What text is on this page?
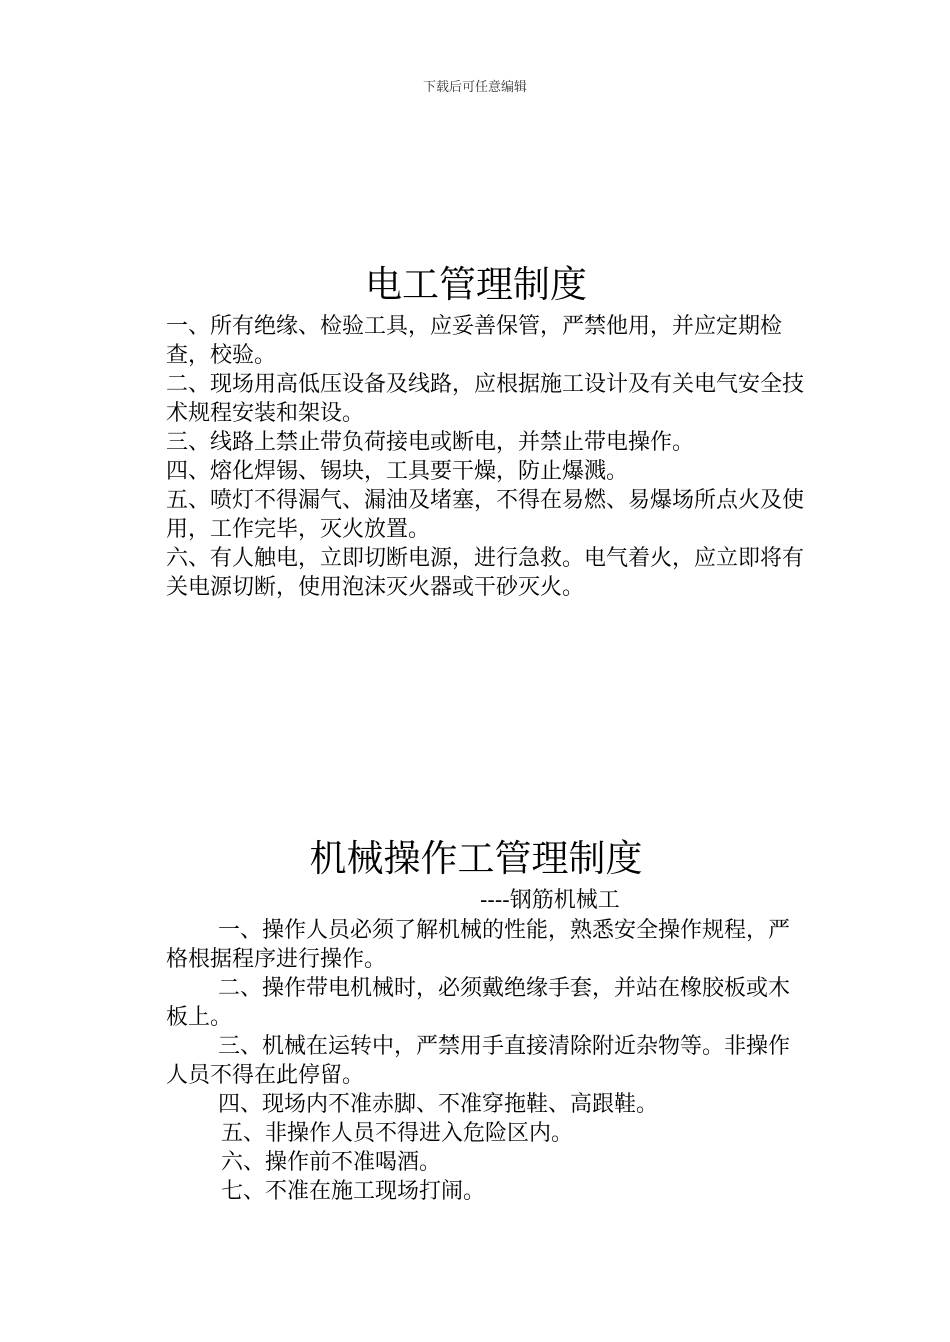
下载后可任意编辑
电工管理制度

一、所有绝缘、检验工具，应妥善保管，严禁他用，并应定期检查，校验。

二、现场用高低压设备及线路，应根据施工设计及有关电气安全技术规程安装和架设。

三、线路上禁止带负荷接电或断电，并禁止带电操作。

四、熔化焊锡、锡块，工具要干燥，防止爆溅。

五、喷灯不得漏气、漏油及堵塞，不得在易燃、易爆场所点火及使用，工作完毕，灭火放置。

六、有人触电，立即切断电源，进行急救。电气着火，应立即将有关电源切断，使用泡沫灭火器或干砂灭火。

机械操作工管理制度

----钢筋机械工

一、操作人员必须了解机械的性能，熟悉安全操作规程，严格根据程序进行操作。

二、操作带电机械时，必须戴绝缘手套，并站在橡胶板或木板上。

三、机械在运转中，严禁用手直接清除附近杂物等。非操作人员不得在此停留。

四、现场内不准赤脚、不准穿拖鞋、高跟鞋。

五、非操作人员不得进入危险区内。

六、操作前不准喝酒。

七、不准在施工现场打闹。
